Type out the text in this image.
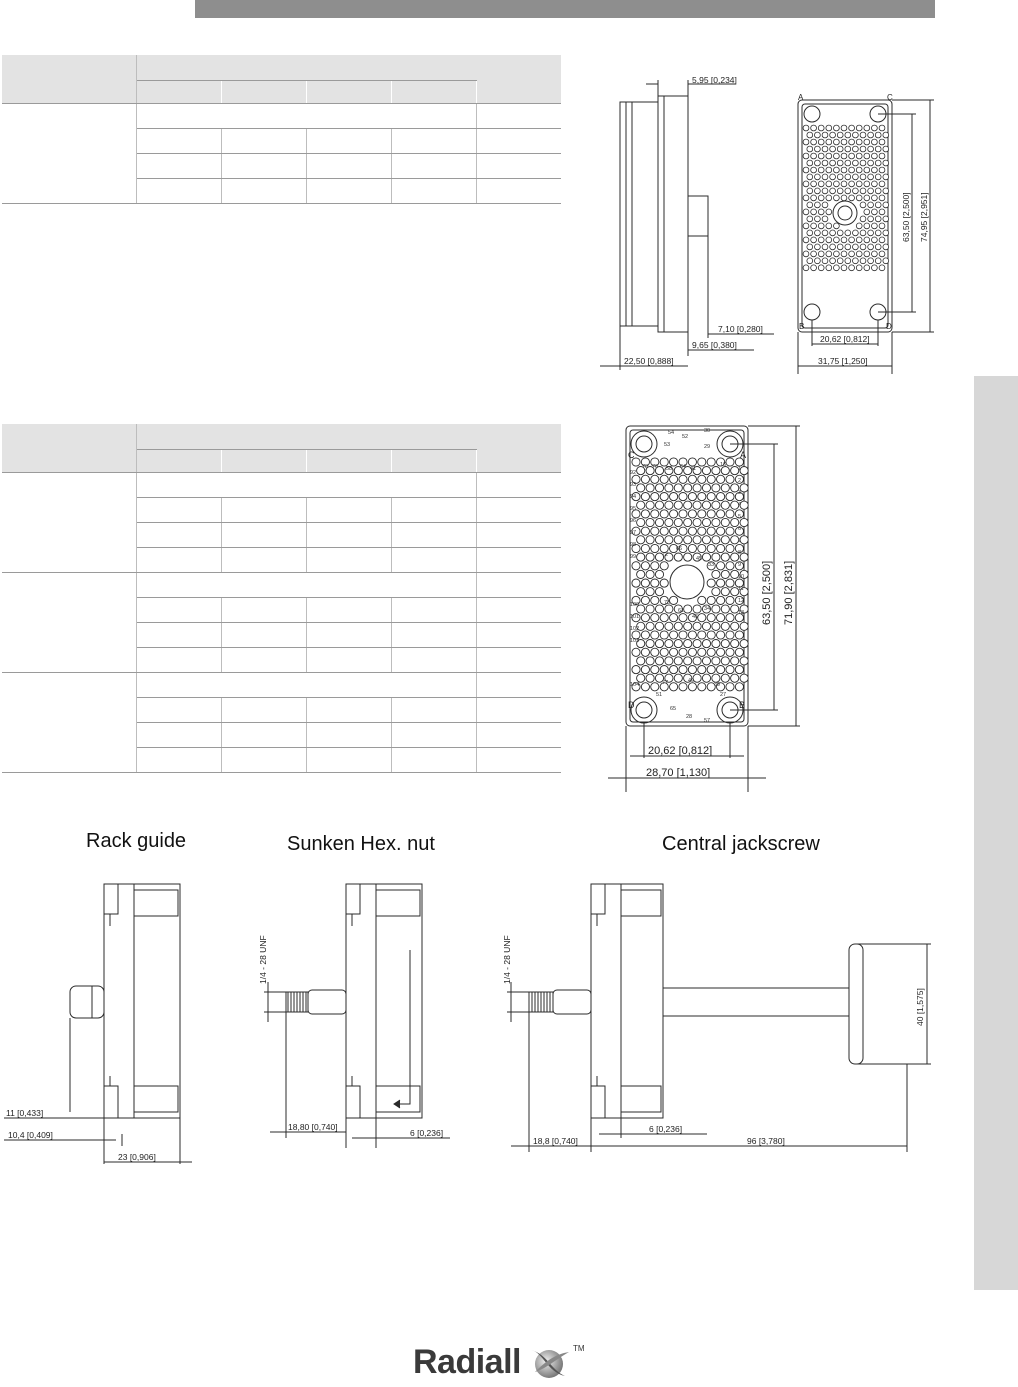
5,95 [0,234]
7,10 [0,280]
9,65 [0,380]
22,50 [0,888]
A	C
B	D
63,50 [2,500] 74,95 [2,951]
20,62 [0,812]
31,75 [1,250]
54
52
30
53	29
76 58 64	16
92
78	41	1
93
2
94
3
95
4
96
5
97
66
6
98
72
45
7
99
33
8
100	73
9
101
61	34
10
102
46
11
103
12
13
104	77	49
39
51	27
65
28
57
C	A
D	B
63,50 [2,500] 71,90 [2,831]
20,62 [0,812]
28,70 [1,130]
Rack guide	Sunken Hex. nut	Central jackscrew
11 [0,433]
10,4 [0,409]
23 [0,906]
1/4 - 28 UNF
18,80 [0,740]
6 [0,236]
1/4 - 28 UNF
40 [1,575]
18,8 [0,740]
6 [0,236]
96 [3,780]
Radiall	TM
